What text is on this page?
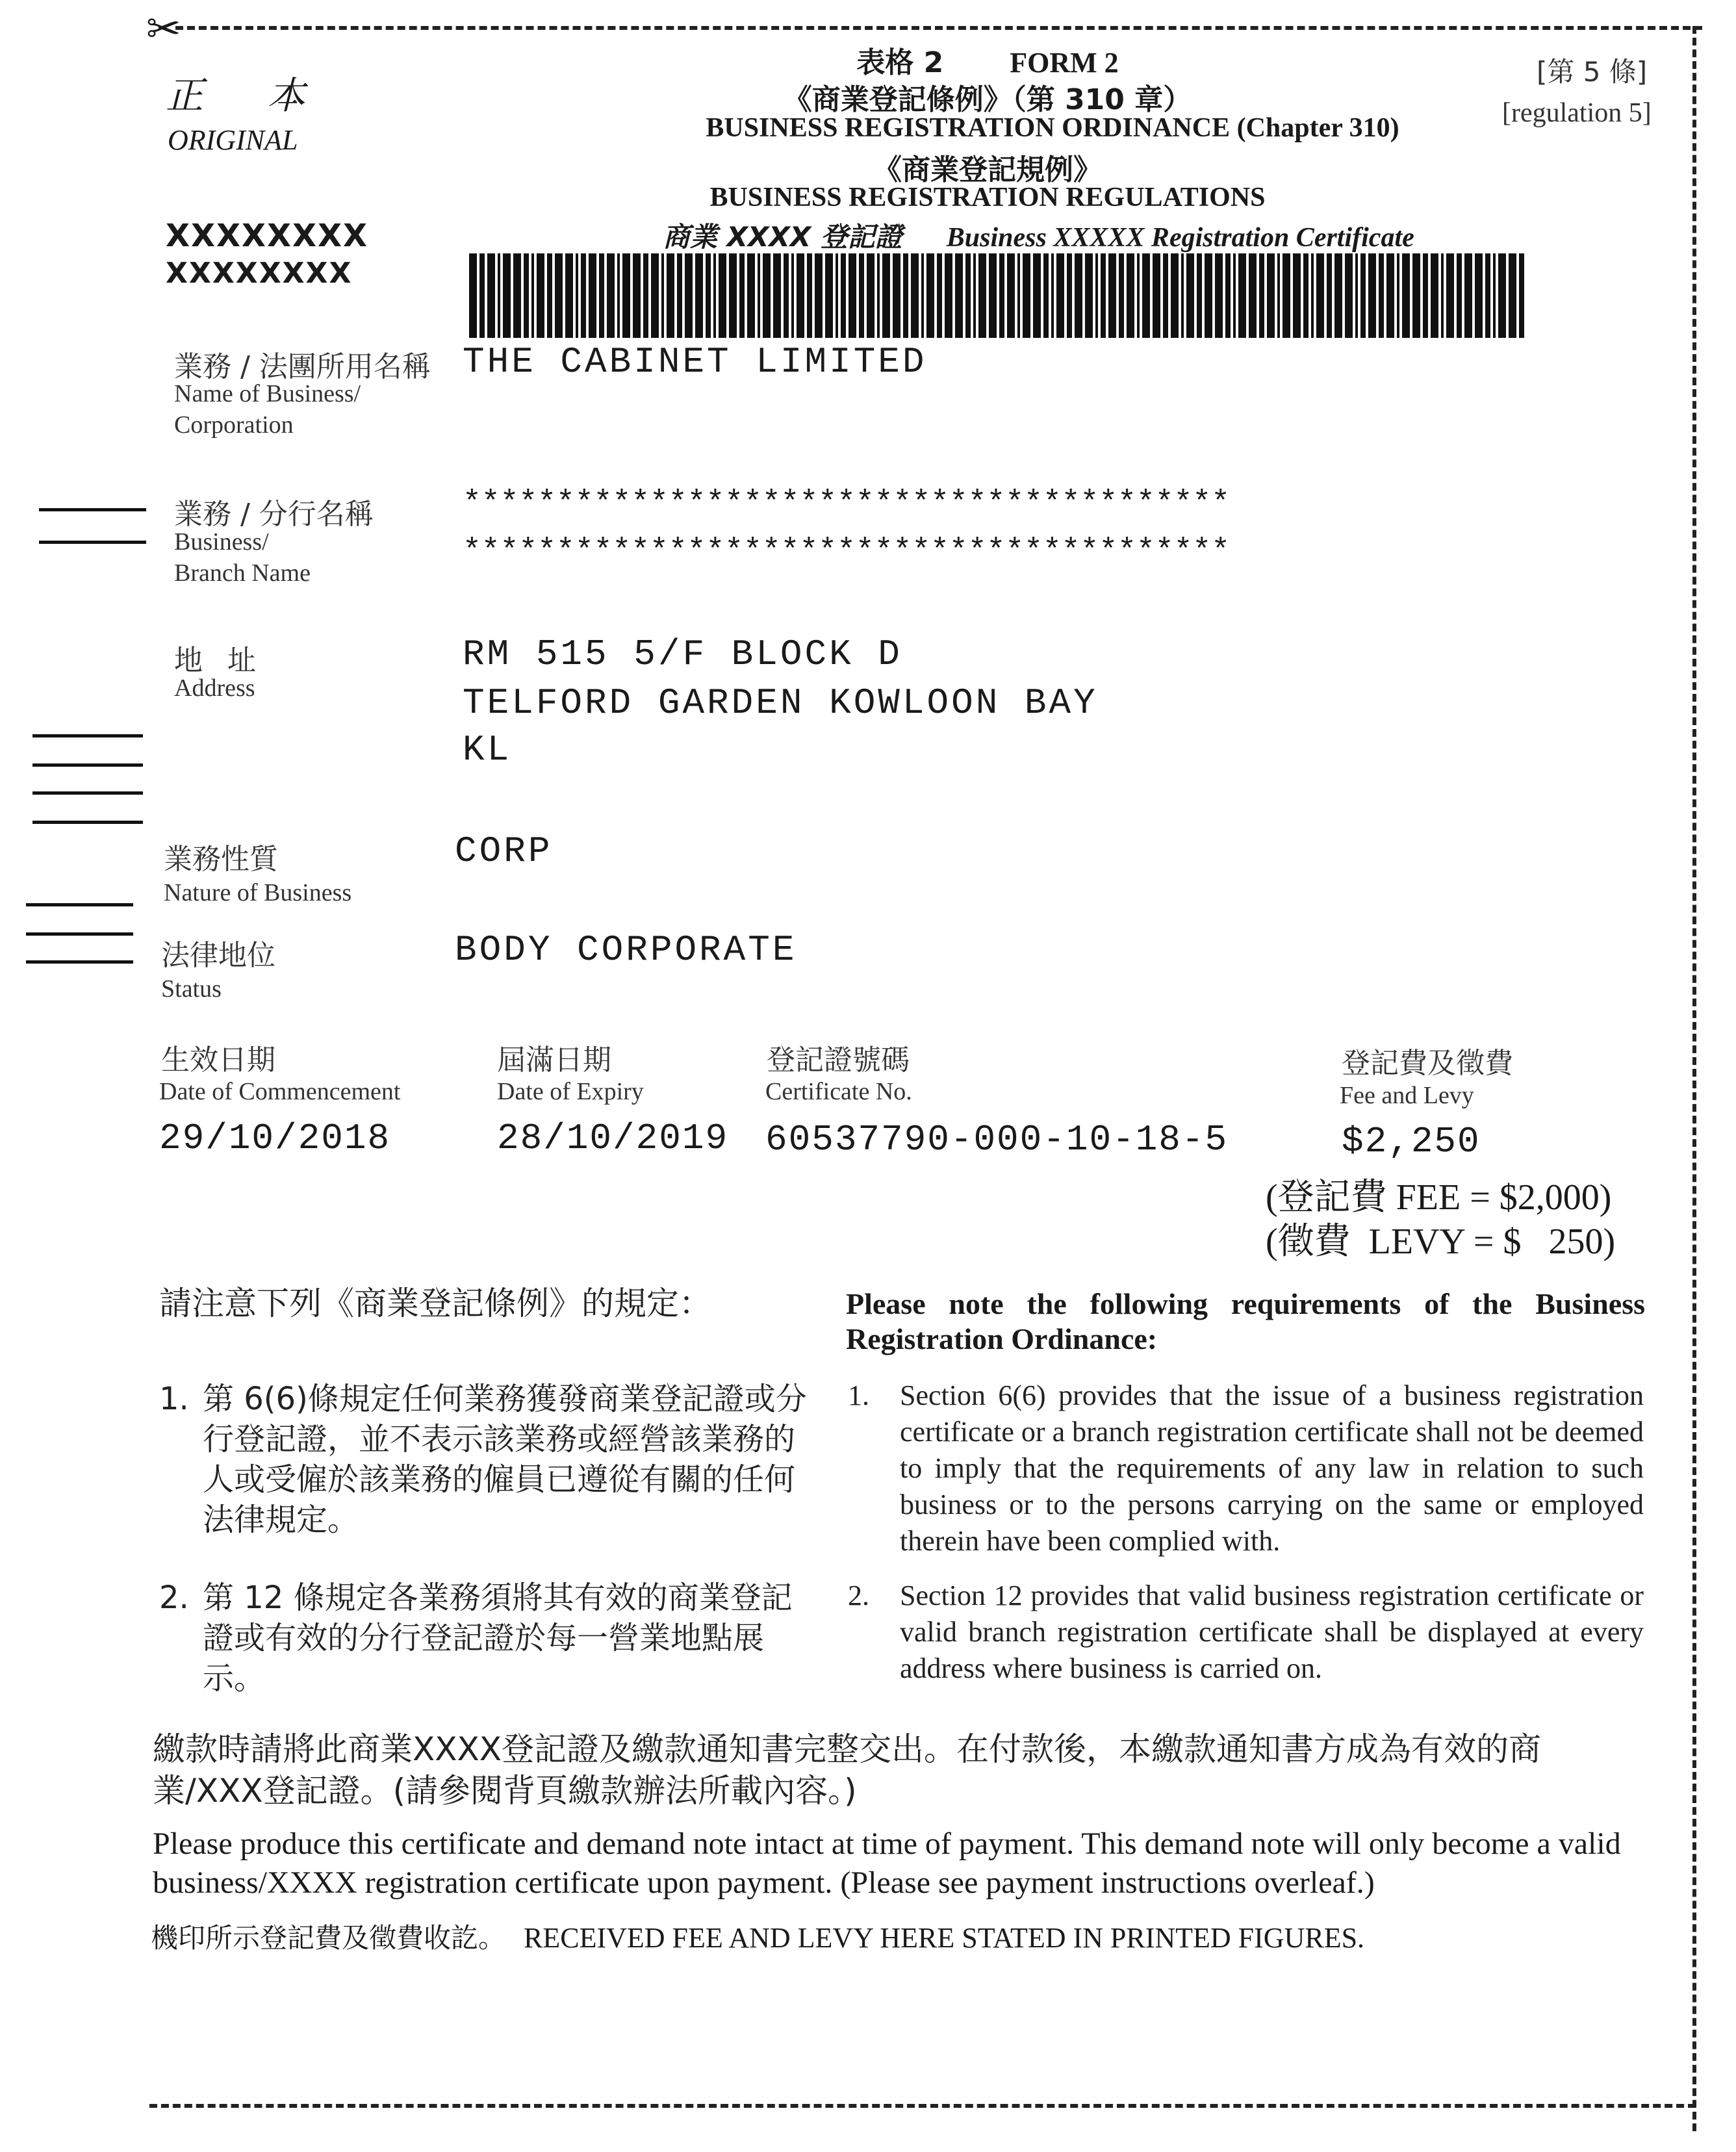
✂
正 本
ORIGINAL
XXXXXXXX
XXXXXXXX
表格 2 FORM 2
《商業登記條例》（第 310 章）
BUSINESS REGISTRATION ORDINANCE (Chapter 310)
《商業登記規例》
BUSINESS REGISTRATION REGULATIONS
商業 XXXX 登記證 Business XXXXX Registration Certificate
[第 5 條]
[regulation 5]
業務 / 法團所用名稱
Name of Business/ Corporation
THE CABINET LIMITED
業務 / 分行名稱
Business/ Branch Name
*****************************************
*****************************************
地 址
Address
RM 515 5/F BLOCK D
TELFORD GARDEN KOWLOON BAY
KL
業務性質
Nature of Business
CORP
法律地位
Status
BODY CORPORATE
生效日期
Date of Commencement
29/10/2018
屆滿日期
Date of Expiry
28/10/2019
登記證號碼
Certificate No.
60537790-000-10-18-5
登記費及徵費
Fee and Levy
$2,250
(登記費 FEE = $2,000)
(徵費  LEVY = $   250)
請注意下列《商業登記條例》的規定：	Please note the following requirements of the Business Registration Ordinance:
1. 第 6(6)條規定任何業務獲發商業登記證或分行登記證，並不表示該業務或經營該業務的人或受僱於該業務的僱員已遵從有關的任何法律規定。
1. Section 6(6) provides that the issue of a business registration certificate or a branch registration certificate shall not be deemed to imply that the requirements of any law in relation to such business or to the persons carrying on the same or employed therein have been complied with.
2. 第 12 條規定各業務須將其有效的商業登記證或有效的分行登記證於每一營業地點展示。
2. Section 12 provides that valid business registration certificate or valid branch registration certificate shall be displayed at every address where business is carried on.
繳款時請將此商業XXXX登記證及繳款通知書完整交出。在付款後，本繳款通知書方成為有效的商業/XXX登記證。(請參閱背頁繳款辦法所載內容。)
Please produce this certificate and demand note intact at time of payment. This demand note will only become a valid business/XXXX registration certificate upon payment. (Please see payment instructions overleaf.)
機印所示登記費及徵費收訖。 RECEIVED FEE AND LEVY HERE STATED IN PRINTED FIGURES.
